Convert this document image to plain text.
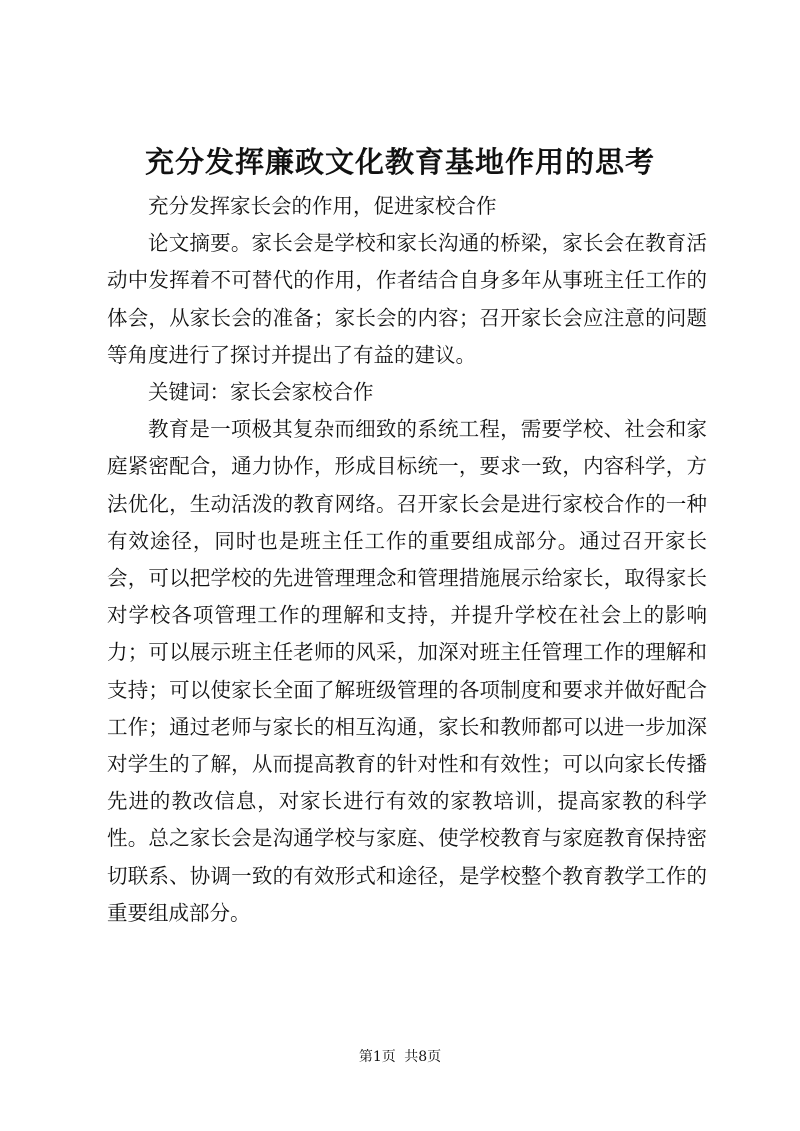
充分发挥廉政文化教育基地作用的思考

充分发挥家长会的作用，促进家校合作

论文摘要。家长会是学校和家长沟通的桥梁，家长会在教育活动中发挥着不可替代的作用，作者结合自身多年从事班主任工作的体会，从家长会的准备；家长会的内容；召开家长会应注意的问题等角度进行了探讨并提出了有益的建议。

关键词：家长会家校合作

教育是一项极其复杂而细致的系统工程，需要学校、社会和家庭紧密配合，通力协作，形成目标统一，要求一致，内容科学，方法优化，生动活泼的教育网络。召开家长会是进行家校合作的一种有效途径，同时也是班主任工作的重要组成部分。通过召开家长会，可以把学校的先进管理理念和管理措施展示给家长，取得家长对学校各项管理工作的理解和支持，并提升学校在社会上的影响力；可以展示班主任老师的风采，加深对班主任管理工作的理解和支持；可以使家长全面了解班级管理的各项制度和要求并做好配合工作；通过老师与家长的相互沟通，家长和教师都可以进一步加深对学生的了解，从而提高教育的针对性和有效性；可以向家长传播先进的教改信息，对家长进行有效的家教培训，提高家教的科学性。总之家长会是沟通学校与家庭、使学校教育与家庭教育保持密切联系、协调一致的有效形式和途径，是学校整个教育教学工作的重要组成部分。

第1页 共8页
